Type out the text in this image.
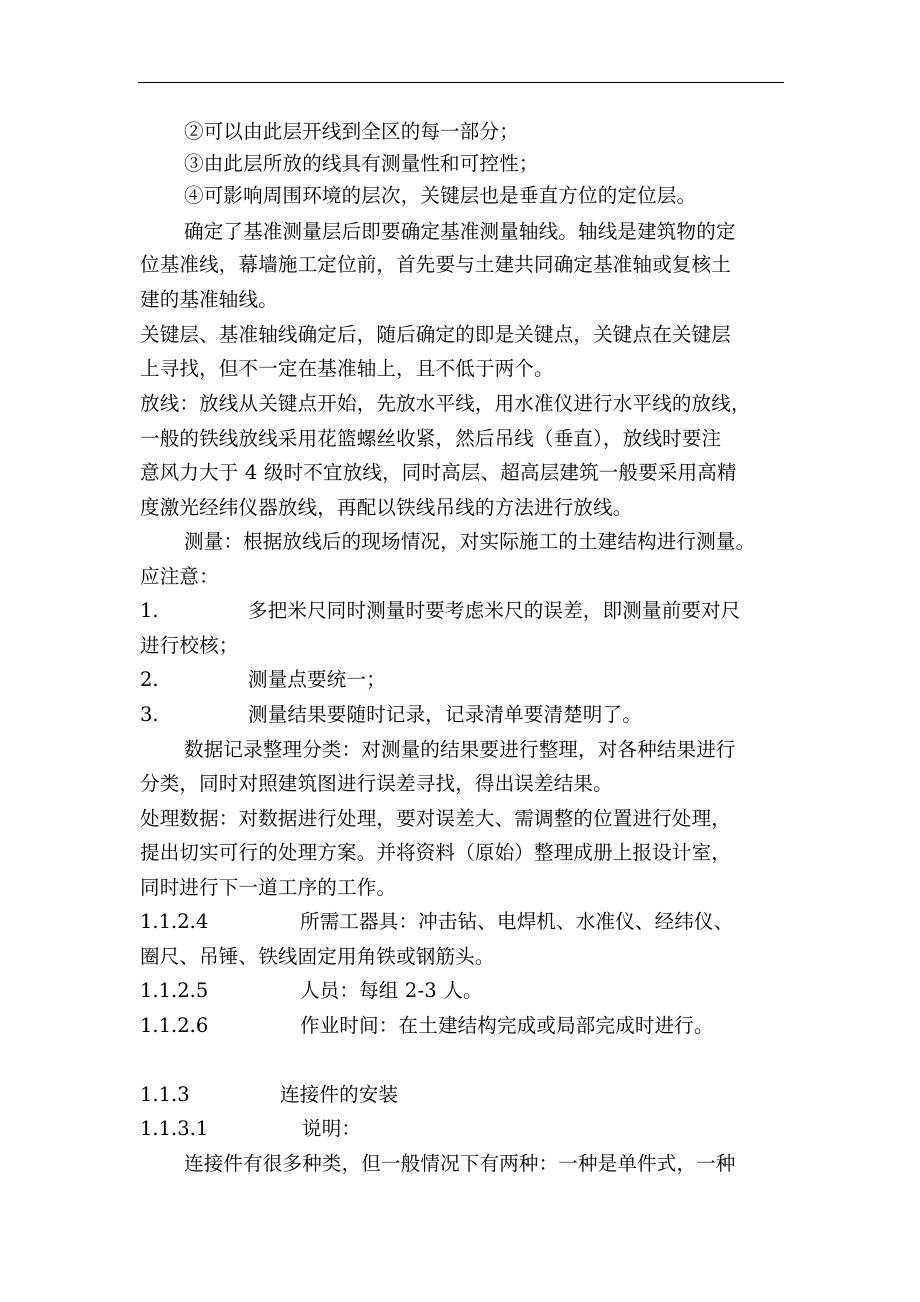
②可以由此层开线到全区的每一部分；
③由此层所放的线具有测量性和可控性；
④可影响周围环境的层次，关键层也是垂直方位的定位层。
确定了基准测量层后即要确定基准测量轴线。轴线是建筑物的定
位基准线，幕墙施工定位前，首先要与土建共同确定基准轴或复核土
建的基准轴线。
关键层、基准轴线确定后，随后确定的即是关键点，关键点在关键层
上寻找，但不一定在基准轴上，且不低于两个。
放线：放线从关键点开始，先放水平线，用水准仪进行水平线的放线，
一般的铁线放线采用花篮螺丝收紧，然后吊线（垂直），放线时要注
意风力大于 4 级时不宜放线，同时高层、超高层建筑一般要采用高精
度激光经纬仪器放线，再配以铁线吊线的方法进行放线。
测量：根据放线后的现场情况，对实际施工的土建结构进行测量。
应注意：
1.	多把米尺同时测量时要考虑米尺的误差，即测量前要对尺
进行校核；
2.	测量点要统一；
3.	测量结果要随时记录，记录清单要清楚明了。
数据记录整理分类：对测量的结果要进行整理，对各种结果进行
分类，同时对照建筑图进行误差寻找，得出误差结果。
处理数据：对数据进行处理，要对误差大、需调整的位置进行处理，
提出切实可行的处理方案。并将资料（原始）整理成册上报设计室，
同时进行下一道工序的工作。
1.1.2.4	所需工器具：冲击钻、电焊机、水准仪、经纬仪、
圈尺、吊锤、铁线固定用角铁或钢筋头。
1.1.2.5	人员：每组 2-3 人。
1.1.2.6	作业时间：在土建结构完成或局部完成时进行。
1.1.3	连接件的安装
1.1.3.1	说明：
连接件有很多种类，但一般情况下有两种：一种是单件式，一种
